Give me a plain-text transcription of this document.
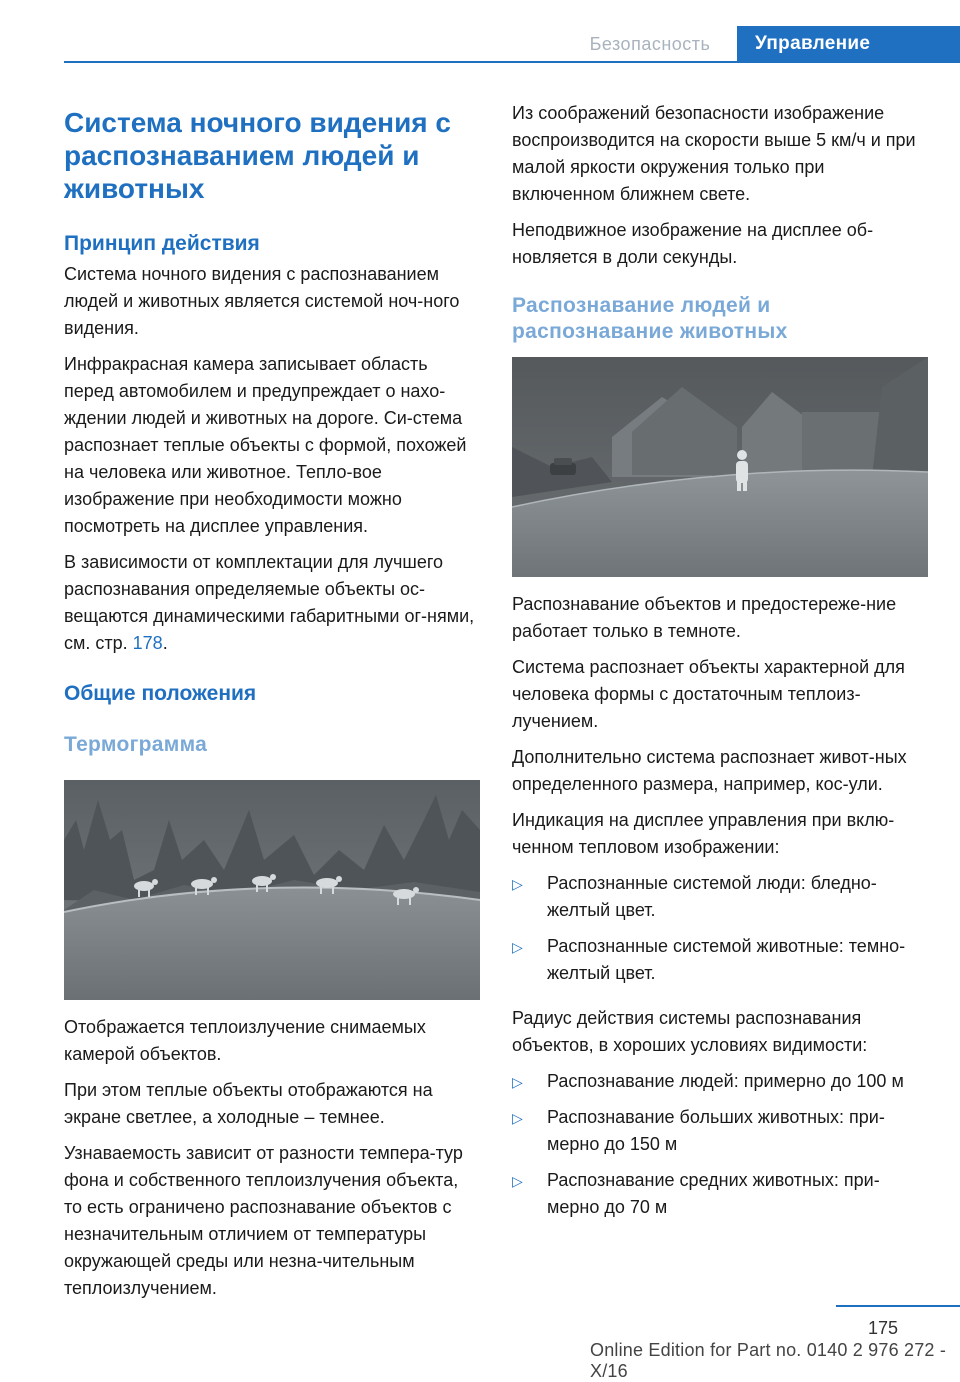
Безопасность	Управление
Система ночного видения с распознаванием людей и животных
Принцип действия

Система ночного видения с распознаванием людей и животных является системой ноч-ного видения.

Инфракрасная камера записывает область перед автомобилем и предупреждает о нахо-ждении людей и животных на дороге. Си-стема распознает теплые объекты с формой, похожей на человека или животное. Тепло-вое изображение при необходимости можно посмотреть на дисплее управления.

В зависимости от комплектации для лучшего распознавания определяемые объекты ос-вещаются динамическими габаритными ог-нями, см. стр. 178.

Общие положения
Термограмма

Отображается теплоизлучение снимаемых камерой объектов.

При этом теплые объекты отображаются на экране светлее, а холодные – темнее.

Узнаваемость зависит от разности темпера-тур фона и собственного теплоизлучения объекта, то есть ограничено распознавание объектов с незначительным отличием от температуры окружающей среды или незна-чительным теплоизлучением.

Из соображений безопасности изображение воспроизводится на скорости выше 5 км/ч и при малой яркости окружения только при включенном ближнем свете.

Неподвижное изображение на дисплее об-новляется в доли секунды.

Распознавание людей и распознавание животных

Распознавание объектов и предостереже-ние работает только в темноте.

Система распознает объекты характерной для человека формы с достаточным теплоиз-лучением.

Дополнительно система распознает живот-ных определенного размера, например, кос-ули.

Индикация на дисплее управления при вклю-ченном тепловом изображении:

▷ Распознанные системой люди: бледно-желтый цвет.
▷ Распознанные системой животные: темно-желтый цвет.

Радиус действия системы распознавания объектов, в хороших условиях видимости:

▷ Распознавание людей: примерно до 100 м
▷ Распознавание больших животных: при-мерно до 150 м
▷ Распознавание средних животных: при-мерно до 70 м
175
Online Edition for Part no. 0140 2 976 272 - X/16
